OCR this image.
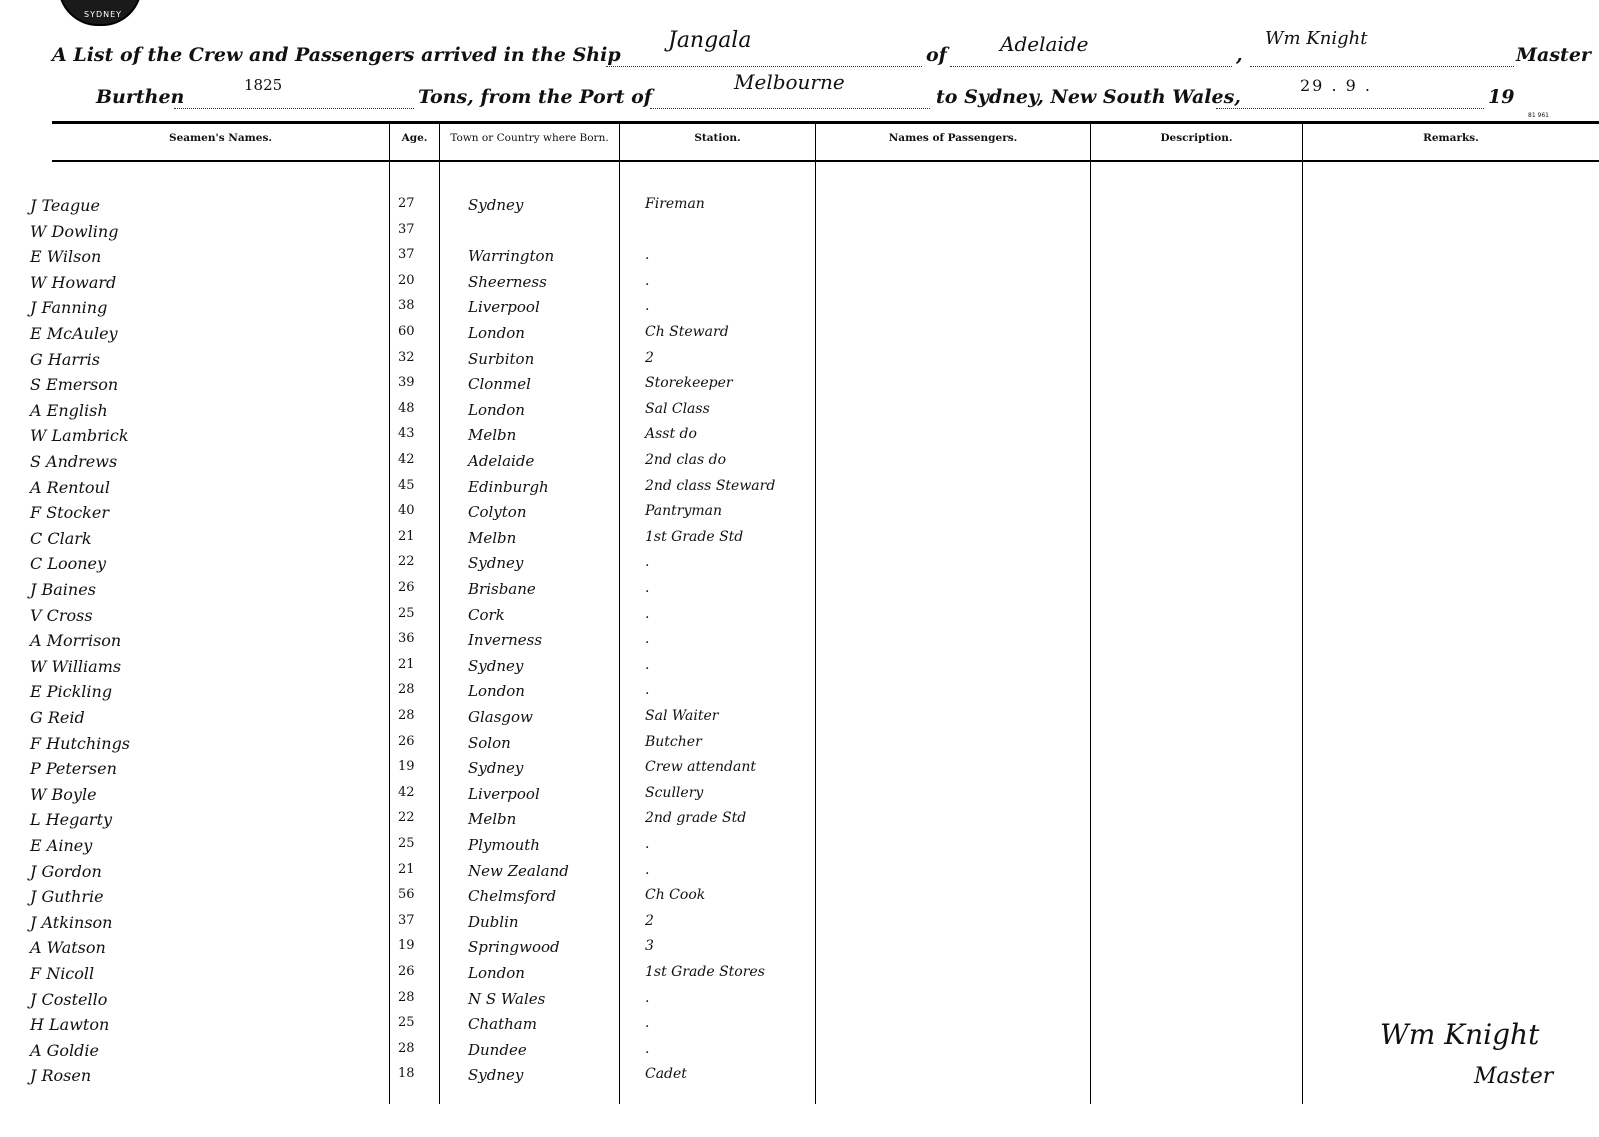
SYDNEY
A List of the Crew and Passengers arrived in the Ship
Jangala
of	Adelaide	,
Wm Knight
Master
Burthen
1825
Tons, from the Port of
Melbourne
to Sydney, New South Wales,
29 . 9 .
19
81 961
Seamen's Names.	Age.	Town or Country where Born.	Station.	Names of Passengers.	Description.	Remarks.
J Teague	27	Sydney	Fireman
W Dowling	37
E Wilson	37	Warrington	.
W Howard	20	Sheerness	.
J Fanning	38	Liverpool	.
E McAuley	60	London	Ch Steward
G Harris	32	Surbiton	2
S Emerson	39	Clonmel	Storekeeper
A English	48	London	Sal Class
W Lambrick	43	Melbn	Asst do
S Andrews	42	Adelaide	2nd clas do
A Rentoul	45	Edinburgh	2nd class Steward
F Stocker	40	Colyton	Pantryman
C Clark	21	Melbn	1st Grade Std
C Looney	22	Sydney	.
J Baines	26	Brisbane	.
V Cross	25	Cork	.
A Morrison	36	Inverness	.
W Williams	21	Sydney	.
E Pickling	28	London	.
G Reid	28	Glasgow	Sal Waiter
F Hutchings	26	Solon	Butcher
P Petersen	19	Sydney	Crew attendant
W Boyle	42	Liverpool	Scullery
L Hegarty	22	Melbn	2nd grade Std
E Ainey	25	Plymouth	.
J Gordon	21	New Zealand	.
J Guthrie	56	Chelmsford	Ch Cook
J Atkinson	37	Dublin	2
A Watson	19	Springwood	3
F Nicoll	26	London	1st Grade Stores
J Costello	28	N S Wales	.
H Lawton	25	Chatham	.
A Goldie	28	Dundee	.
J Rosen	18	Sydney	Cadet
Wm Knight
Master
